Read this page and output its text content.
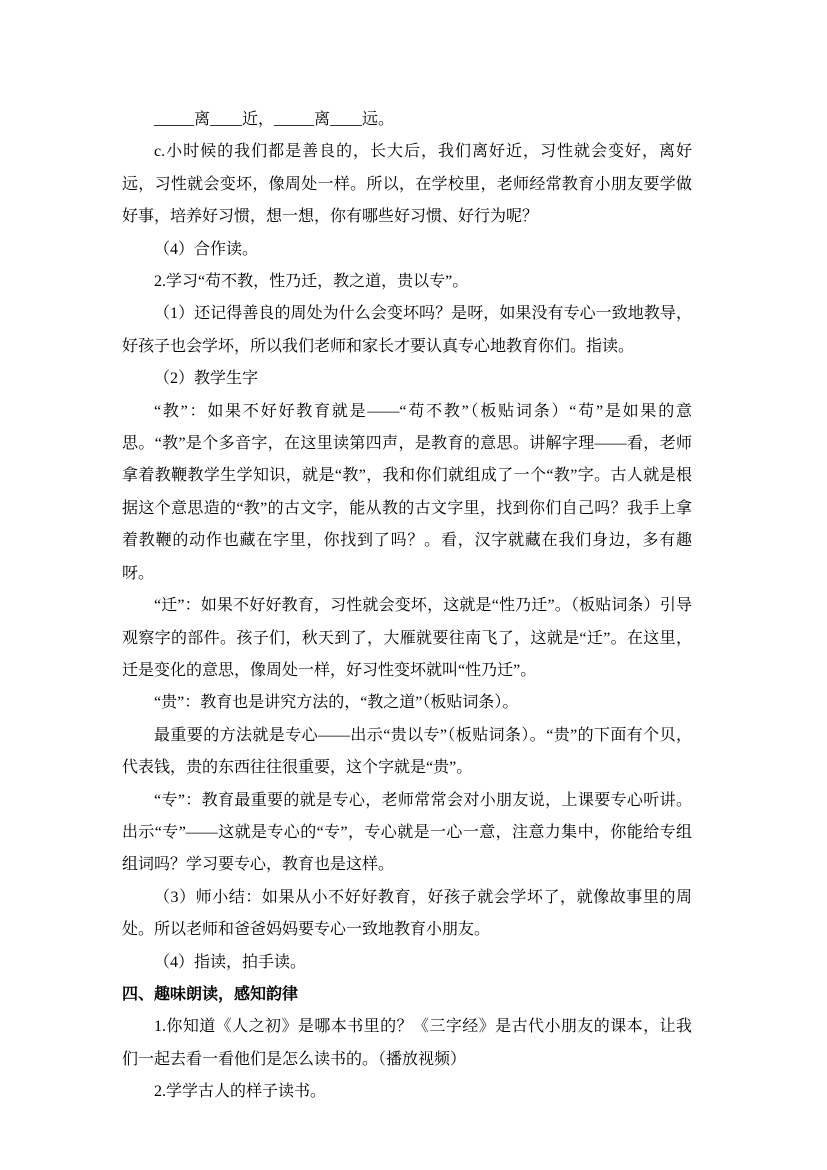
_____离____近，_____离____远。

c.小时候的我们都是善良的，长大后，我们离好近，习性就会变好，离好远，习性就会变坏，像周处一样。所以，在学校里，老师经常教育小朋友要学做好事，培养好习惯，想一想，你有哪些好习惯、好行为呢？

（4）合作读。

2.学习“苟不教，性乃迁，教之道，贵以专”。

（1）还记得善良的周处为什么会变坏吗？是呀，如果没有专心一致地教导，好孩子也会学坏，所以我们老师和家长才要认真专心地教育你们。指读。

（2）教学生字

“教”：如果不好好教育就是——“苟不教”（板贴词条）“苟”是如果的意思。“教”是个多音字，在这里读第四声，是教育的意思。讲解字理——看，老师拿着教鞭教学生学知识，就是“教”，我和你们就组成了一个“教”字。古人就是根据这个意思造的“教”的古文字，能从教的古文字里，找到你们自己吗？我手上拿着教鞭的动作也藏在字里，你找到了吗？。看，汉字就藏在我们身边，多有趣呀。

“迁”：如果不好好教育，习性就会变坏，这就是“性乃迁”。（板贴词条）引导观察字的部件。孩子们，秋天到了，大雁就要往南飞了，这就是“迁”。在这里，迁是变化的意思，像周处一样，好习性变坏就叫“性乃迁”。

“贵”：教育也是讲究方法的，“教之道”（板贴词条）。

最重要的方法就是专心——出示“贵以专”（板贴词条）。“贵”的下面有个贝，代表钱，贵的东西往往很重要，这个字就是“贵”。

“专”：教育最重要的就是专心，老师常常会对小朋友说，上课要专心听讲。出示“专”——这就是专心的“专”，专心就是一心一意，注意力集中，你能给专组组词吗？学习要专心，教育也是这样。

（3）师小结：如果从小不好好教育，好孩子就会学坏了，就像故事里的周处。所以老师和爸爸妈妈要专心一致地教育小朋友。

（4）指读，拍手读。

四、趣味朗读，感知韵律

1.你知道《人之初》是哪本书里的？《三字经》是古代小朋友的课本，让我们一起去看一看他们是怎么读书的。（播放视频）

2.学学古人的样子读书。
